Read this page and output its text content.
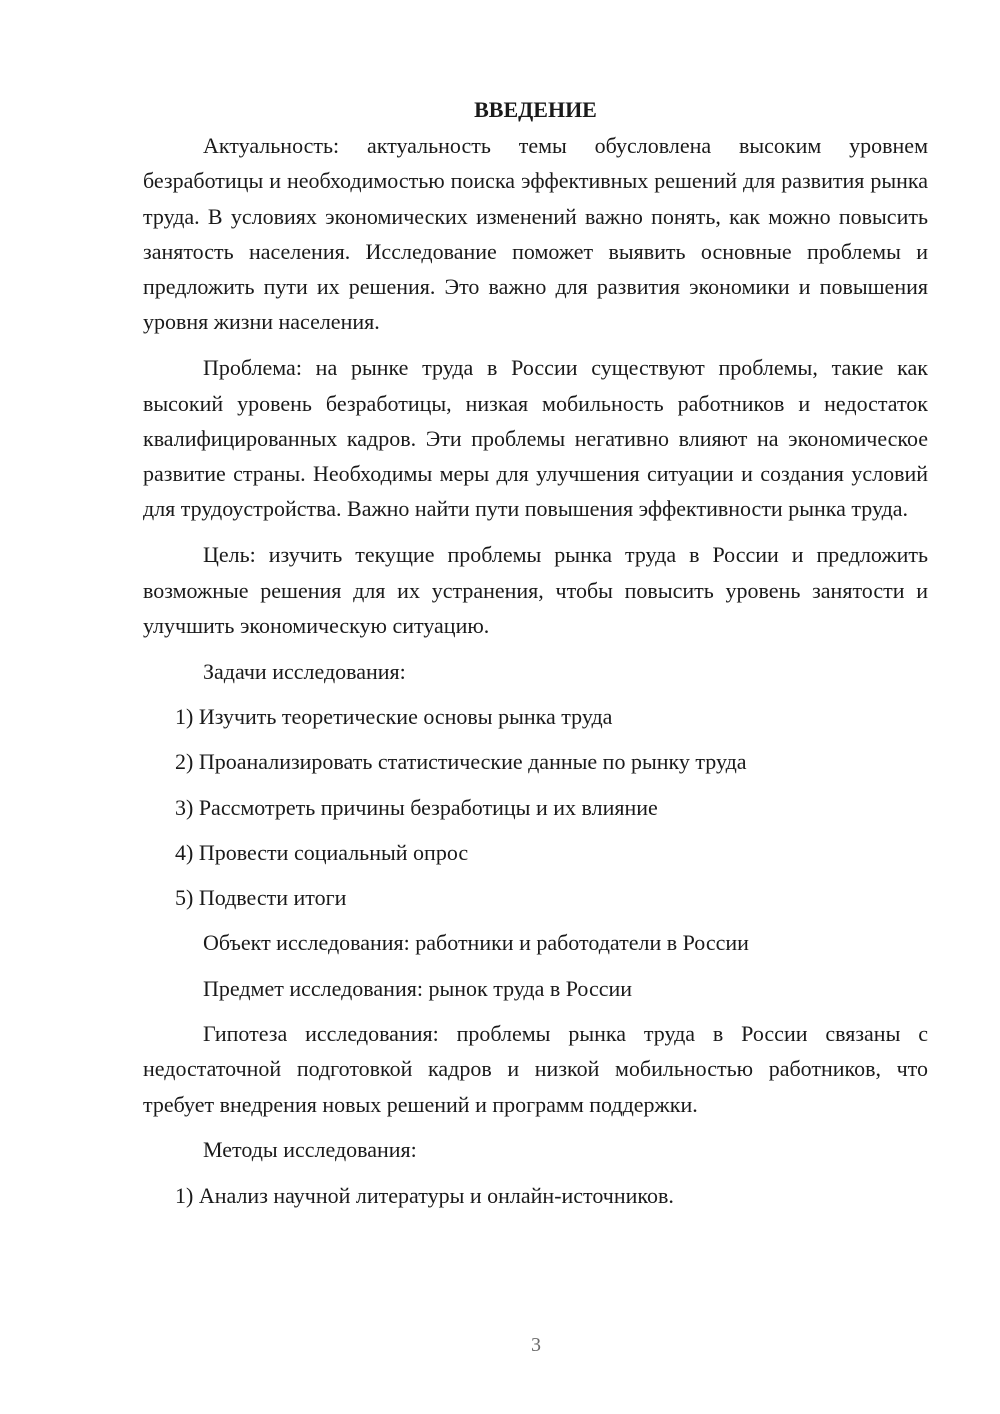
ВВЕДЕНИЕ

Актуальность: актуальность темы обусловлена высоким уровнем безработицы и необходимостью поиска эффективных решений для развития рынка труда. В условиях экономических изменений важно понять, как можно повысить занятость населения. Исследование поможет выявить основные проблемы и предложить пути их решения. Это важно для развития экономики и повышения уровня жизни населения.

Проблема: на рынке труда в России существуют проблемы, такие как высокий уровень безработицы, низкая мобильность работников и недостаток квалифицированных кадров. Эти проблемы негативно влияют на экономическое развитие страны. Необходимы меры для улучшения ситуации и создания условий для трудоустройства. Важно найти пути повышения эффективности рынка труда.

Цель: изучить текущие проблемы рынка труда в России и предложить возможные решения для их устранения, чтобы повысить уровень занятости и улучшить экономическую ситуацию.

Задачи исследования:
1) Изучить теоретические основы рынка труда
2) Проанализировать статистические данные по рынку труда
3) Рассмотреть причины безработицы и их влияние
4) Провести социальный опрос
5) Подвести итоги
Объект исследования: работники и работодатели в России
Предмет исследования: рынок труда в России

Гипотеза исследования: проблемы рынка труда в России связаны с недостаточной подготовкой кадров и низкой мобильностью работников, что требует внедрения новых решений и программ поддержки.

Методы исследования:
1) Анализ научной литературы и онлайн-источников.
3
